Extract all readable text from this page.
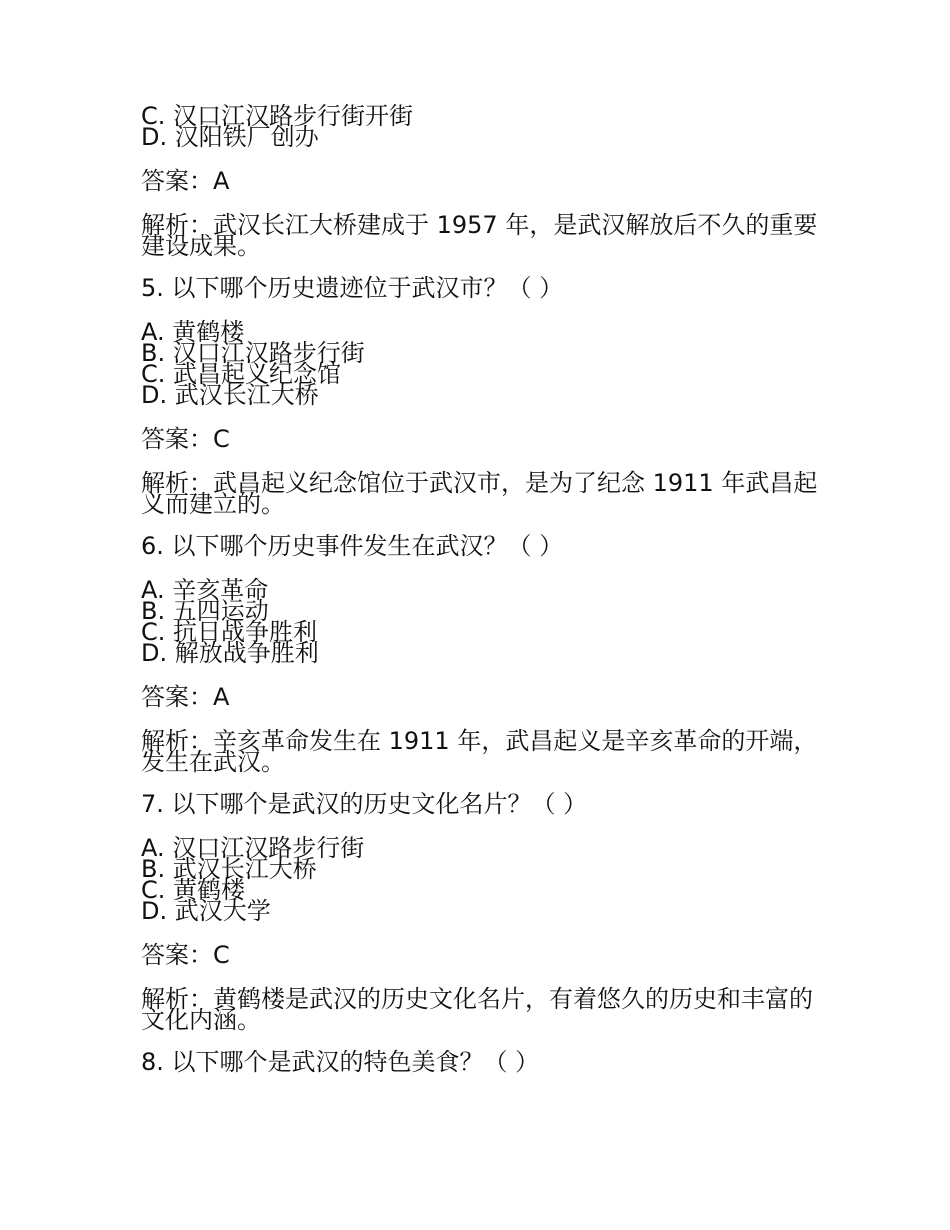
C. 汉口江汉路步行街开街

D. 汉阳铁厂创办

答案：A

解析：武汉长江大桥建成于 1957 年，是武汉解放后不久的重要建设成果。

5. 以下哪个历史遗迹位于武汉市？（ ）

A. 黄鹤楼

B. 汉口江汉路步行街

C. 武昌起义纪念馆

D. 武汉长江大桥

答案：C

解析：武昌起义纪念馆位于武汉市，是为了纪念 1911 年武昌起义而建立的。

6. 以下哪个历史事件发生在武汉？（ ）

A. 辛亥革命

B. 五四运动

C. 抗日战争胜利

D. 解放战争胜利

答案：A

解析：辛亥革命发生在 1911 年，武昌起义是辛亥革命的开端，发生在武汉。

7. 以下哪个是武汉的历史文化名片？（ ）

A. 汉口江汉路步行街

B. 武汉长江大桥

C. 黄鹤楼

D. 武汉大学

答案：C

解析：黄鹤楼是武汉的历史文化名片，有着悠久的历史和丰富的文化内涵。

8. 以下哪个是武汉的特色美食？（ ）
